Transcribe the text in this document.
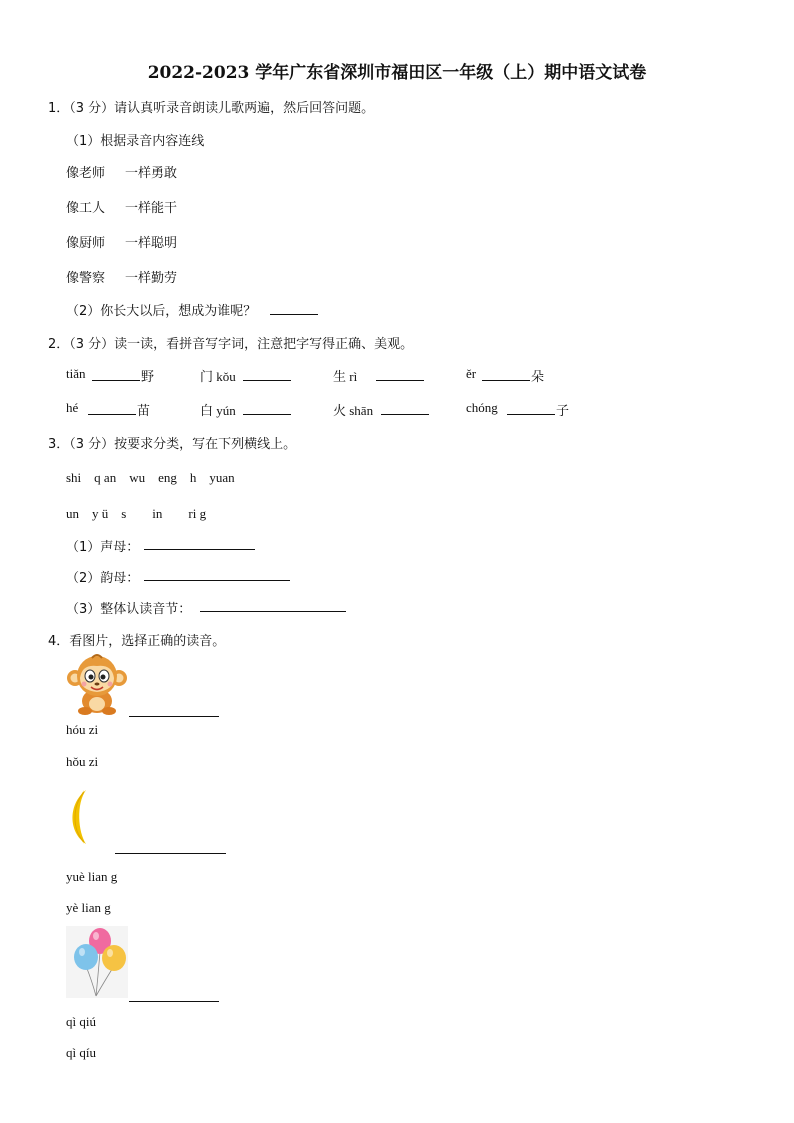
2022-2023 学年广东省深圳市福田区一年级（上）期中语文试卷
1．（3 分）请认真听录音朗读儿歌两遍，然后回答问题。
（1）根据录音内容连线
像老师 一样勇敢
像工人 一样能干
像厨师 一样聪明
像警察 一样勤劳
（2）你长大以后，想成为谁呢？
2．（3 分）读一读，看拼音写字词，注意把字写得正确、美观。
tiǎn	野	门 kǒu	生 rì	ěr	朵
hé	苗	白 yún	火 shān	chóng	子
3．（3 分）按要求分类，写在下列横线上。
shi　q an　wu　eng　h　yuan
un　y ü　s　　in　　ri g
（1）声母：
（2）韵母：
（3）整体认读音节：
4．看图片，选择正确的读音。
hóu zi
hǒu zi
yuè lian g
yè lian g
qì qiú
qì qíu
